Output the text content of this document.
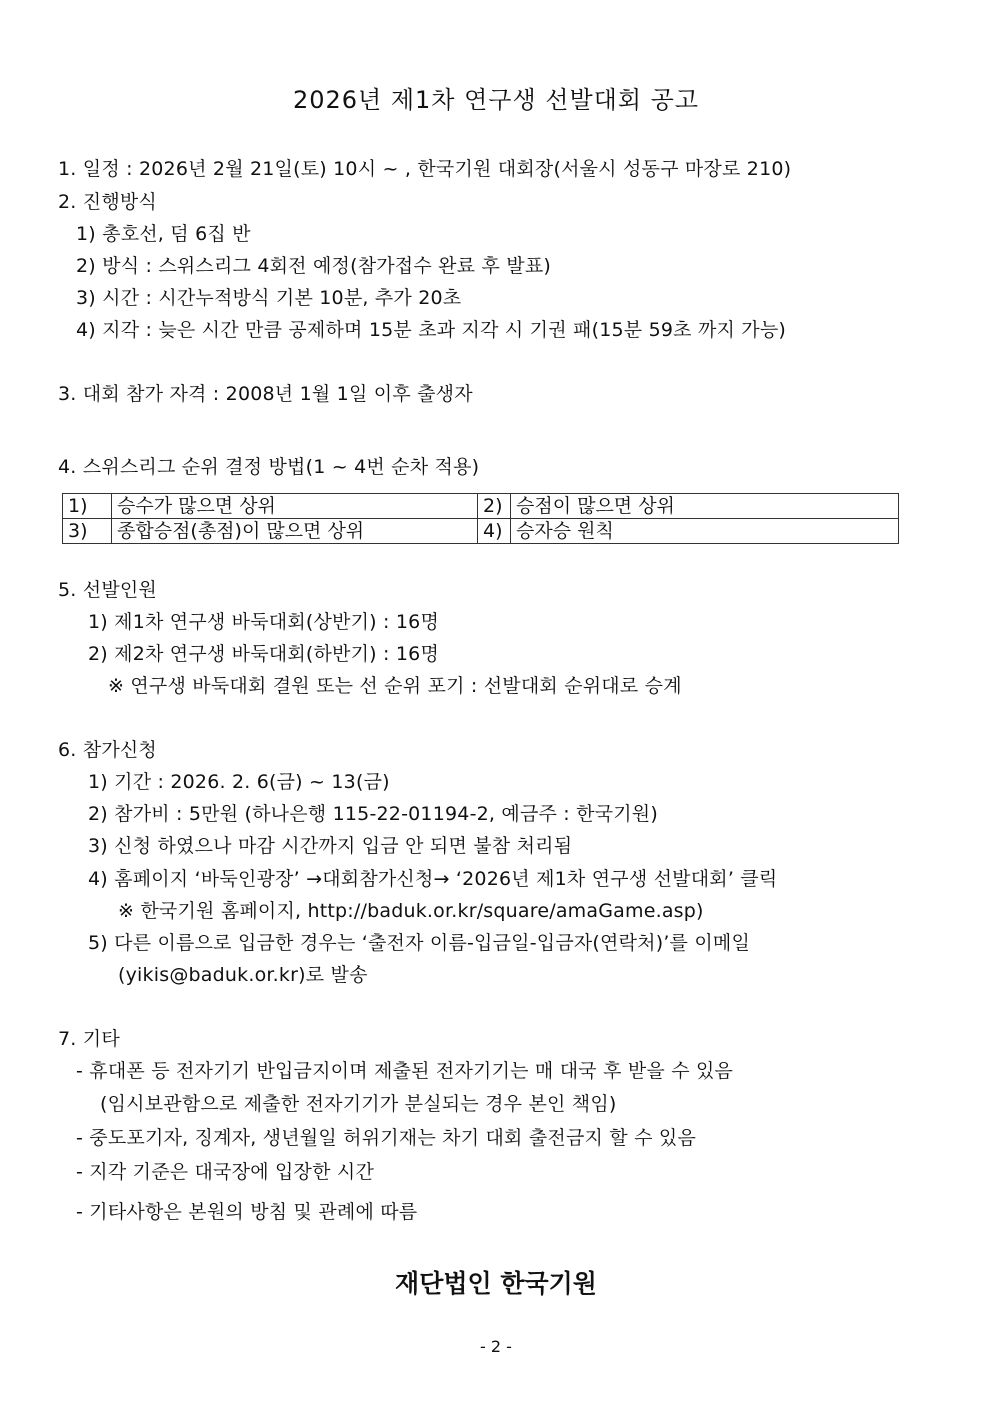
2026년 제1차 연구생 선발대회 공고
1. 일정 : 2026년 2월 21일(토) 10시 ~ , 한국기원 대회장(서울시 성동구 마장로 210)
2. 진행방식
1) 총호선, 덤 6집 반
2) 방식 : 스위스리그 4회전 예정(참가접수 완료 후 발표)
3) 시간 : 시간누적방식 기본 10분, 추가 20초
4) 지각 : 늦은 시간 만큼 공제하며 15분 초과 지각 시 기권 패(15분 59초 까지 가능)
3. 대회 참가 자격 : 2008년 1월 1일 이후 출생자
4. 스위스리그 순위 결정 방법(1 ~ 4번 순차 적용)
1)	승수가 많으면 상위	2)	승점이 많으면 상위
3)	종합승점(총점)이 많으면 상위	4)	승자승 원칙
5. 선발인원
1) 제1차 연구생 바둑대회(상반기) : 16명
2) 제2차 연구생 바둑대회(하반기) : 16명
※ 연구생 바둑대회 결원 또는 선 순위 포기 : 선발대회 순위대로 승계
6. 참가신청
1) 기간 : 2026. 2. 6(금) ~ 13(금)
2) 참가비 : 5만원 (하나은행 115-22-01194-2, 예금주 : 한국기원)
3) 신청 하였으나 마감 시간까지 입금 안 되면 불참 처리됨
4) 홈페이지 ‘바둑인광장’ →대회참가신청→ ‘2026년 제1차 연구생 선발대회’ 클릭
※ 한국기원 홈페이지, http://baduk.or.kr/square/amaGame.asp)
5) 다른 이름으로 입금한 경우는 ‘출전자 이름-입금일-입금자(연락처)’를 이메일
(yikis@baduk.or.kr)로 발송
7. 기타
- 휴대폰 등 전자기기 반입금지이며 제출된 전자기기는 매 대국 후 받을 수 있음
(임시보관함으로 제출한 전자기기가 분실되는 경우 본인 책임)
- 중도포기자, 징계자, 생년월일 허위기재는 차기 대회 출전금지 할 수 있음
- 지각 기준은 대국장에 입장한 시간
- 기타사항은 본원의 방침 및 관례에 따름
재단법인 한국기원
- 2 -
